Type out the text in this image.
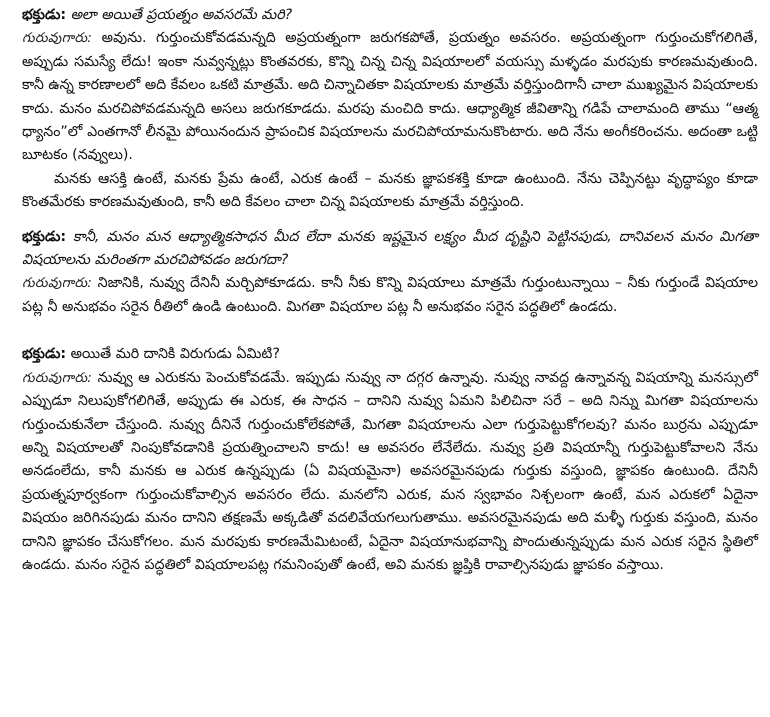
భక్తుడు: అలా అయితే ప్రయత్నం అవసరమే మరి?

గురువుగారు: అవును. గుర్తుంచుకోవడమన్నది అప్రయత్నంగా జరుగకపోతే, ప్రయత్నం అవసరం. అప్రయత్నంగా గుర్తుంచుకోగలిగితే, అప్పుడు సమస్యే లేదు! ఇంకా నువ్వన్నట్లు కొంతవరకు, కొన్ని చిన్న చిన్న విషయాలలో వయస్సు మళ్ళడం మరపుకు కారణమవుతుంది. కానీ ఉన్న కారణాలలో అది కేవలం ఒకటి మాత్రమే. అది చిన్నాచితకా విషయాలకు మాత్రమే వర్తిస్తుందిగానీ చాలా ముఖ్యమైన విషయాలకు కాదు. మనం మరచిపోవడమన్నది అసలు జరుగకూడదు. మరపు మంచిది కాదు. ఆధ్యాత్మిక జీవితాన్ని గడిపే చాలామంది తాము “ఆత్మ ధ్యానం”లో ఎంతగానో లీనమై పోయినందున ప్రాపంచిక విషయాలను మరచిపోయామనుకొంటారు. అది నేను అంగీకరించను. అదంతా ఒట్టి బూటకం (నవ్వులు).

మనకు ఆసక్తి ఉంటే, మనకు ప్రేమ ఉంటే, ఎరుక ఉంటే – మనకు జ్ఞాపకశక్తి కూడా ఉంటుంది. నేను చెప్పినట్టు వృద్ధాప్యం కూడా కొంతమేరకు కారణమవుతుంది, కానీ అది కేవలం చాలా చిన్న విషయాలకు మాత్రమే వర్తిస్తుంది.

భక్తుడు: కానీ, మనం మన ఆధ్యాత్మికసాధన మీద లేదా మనకు ఇష్టమైన లక్ష్యం మీద దృష్టిని పెట్టినపుడు, దానివలన మనం మిగతా విషయాలను మరింతగా మరచిపోవడం జరుగదా?

గురువుగారు: నిజానికి, నువ్వు దేనినీ మర్చిపోకూడదు. కానీ నీకు కొన్ని విషయాలు మాత్రమే గుర్తుంటున్నాయి – నీకు గుర్తుండే విషయాల పట్ల నీ అనుభవం సరైన రీతిలో ఉండి ఉంటుంది. మిగతా విషయాల పట్ల నీ అనుభవం సరైన పద్ధతిలో ఉండదు.

భక్తుడు: అయితే మరి దానికి విరుగుడు ఏమిటి?

గురువుగారు: నువ్వు ఆ ఎరుకను పెంచుకోవడమే. ఇప్పుడు నువ్వు నా దగ్గర ఉన్నావు. నువ్వు నావద్ద ఉన్నావన్న విషయాన్ని మనస్సులో ఎప్పుడూ నిలుపుకోగలిగితే, అప్పుడు ఈ ఎరుక, ఈ సాధన – దానిని నువ్వు ఏమని పిలిచినా సరే – అది నిన్ను మిగతా విషయాలను గుర్తుంచుకునేలా చేస్తుంది. నువ్వు దీనినే గుర్తుంచుకోలేకపోతే, మిగతా విషయాలను ఎలా గుర్తుపెట్టుకోగలవు? మనం బుర్రను ఎప్పుడూ అన్ని విషయాలతో నింపుకోవడానికి ప్రయత్నించాలని కాదు! ఆ అవసరం లేనేలేదు. నువ్వు ప్రతి విషయాన్నీ గుర్తుపెట్టుకోవాలని నేను అనడంలేదు, కానీ మనకు ఆ ఎరుక ఉన్నప్పుడు (ఏ విషయమైనా) అవసరమైనపుడు గుర్తుకు వస్తుంది, జ్ఞాపకం ఉంటుంది. దేనినీ ప్రయత్నపూర్వకంగా గుర్తుంచుకోవాల్సిన అవసరం లేదు. మనలోని ఎరుక, మన స్వభావం నిశ్చలంగా ఉంటే, మన ఎరుకలో ఏదైనా విషయం జరిగినపుడు మనం దానిని తక్షణమే అక్కడితో వదలివేయగలుగుతాము. అవసరమైనపుడు అది మళ్ళీ గుర్తుకు వస్తుంది, మనం దానిని జ్ఞాపకం చేసుకోగలం. మన మరపుకు కారణమేమిటంటే, ఏదైనా విషయానుభవాన్ని పొందుతున్నప్పుడు మన ఎరుక సరైన స్థితిలో ఉండదు. మనం సరైన పద్ధతిలో విషయాలపట్ల గమనింపుతో ఉంటే, అవి మనకు జ్ఞప్తికి రావాల్సినపుడు జ్ఞాపకం వస్తాయి.
